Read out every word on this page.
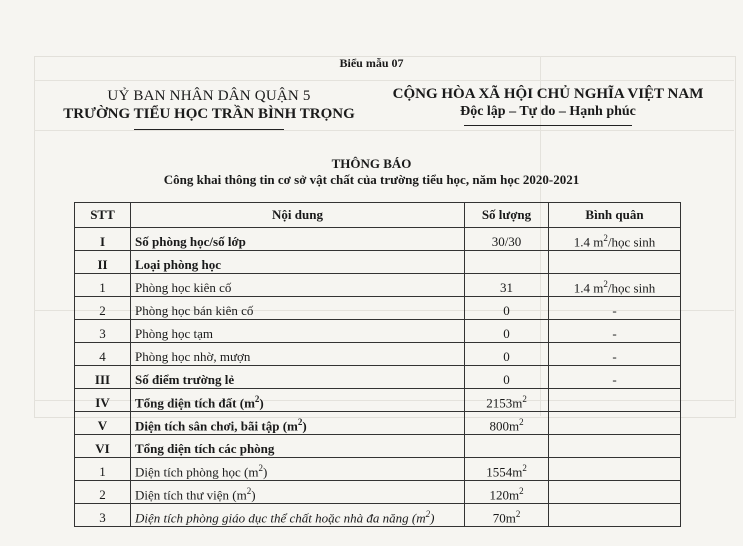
Biểu mẫu 07
UỶ BAN NHÂN DÂN QUẬN 5
TRƯỜNG TIỂU HỌC TRẦN BÌNH TRỌNG
CỘNG HÒA XÃ HỘI CHỦ NGHĨA VIỆT NAM
Độc lập – Tự do – Hạnh phúc
THÔNG BÁO
Công khai thông tin cơ sở vật chất của trường tiểu học, năm học 2020-2021
STT	Nội dung	Số lượng	Bình quân
I	Số phòng học/số lớp	30/30	1.4 $m^2$/học sinh
II	Loại phòng học		
1	Phòng học kiên cố	31	1.4 $m^2$/học sinh
2	Phòng học bán kiên cố	0	-
3	Phòng học tạm	0	-
4	Phòng học nhờ, mượn	0	-
III	Số điểm trường lẻ	0	-
IV	Tổng diện tích đất $(m^2)$	$2153m^2$	
V	Diện tích sân chơi, bãi tập $(m^2)$	$800m^2$	
VI	Tổng diện tích các phòng		
1	Diện tích phòng học $(m^2)$	$1554m^2$	
2	Diện tích thư viện $(m^2)$	$120m^2$	
3	Diện tích phòng giáo dục thể chất hoặc nhà đa năng $(m^2)$	$70m^2$	
